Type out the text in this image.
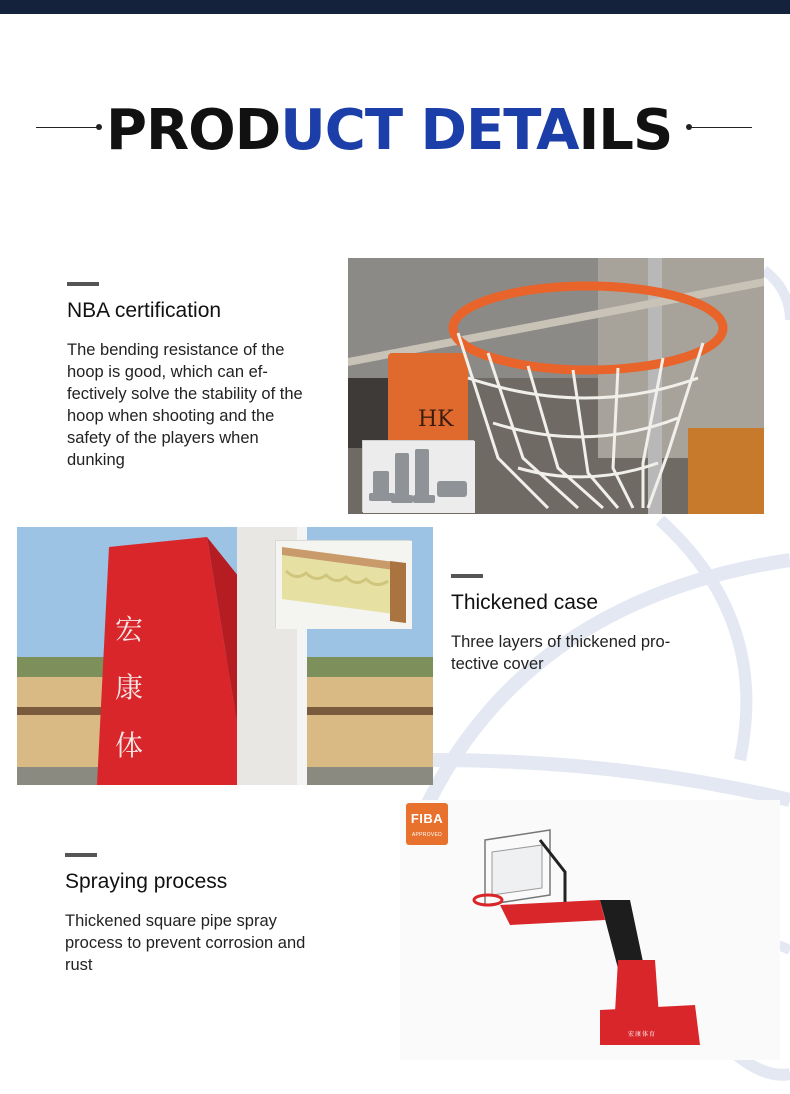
PRODUCT DETAILS
NBA certification

The bending resistance of the hoop is good, which can ef-fectively solve the stability of the hoop when shooting and the safety of the players when dunking

HK
Thickened case

Three layers of thickened pro-tective cover

宏
康
体
Spraying process

Thickened square pipe spray process to prevent corrosion and rust

宏 康 体 育
FIBA
APPROVED
